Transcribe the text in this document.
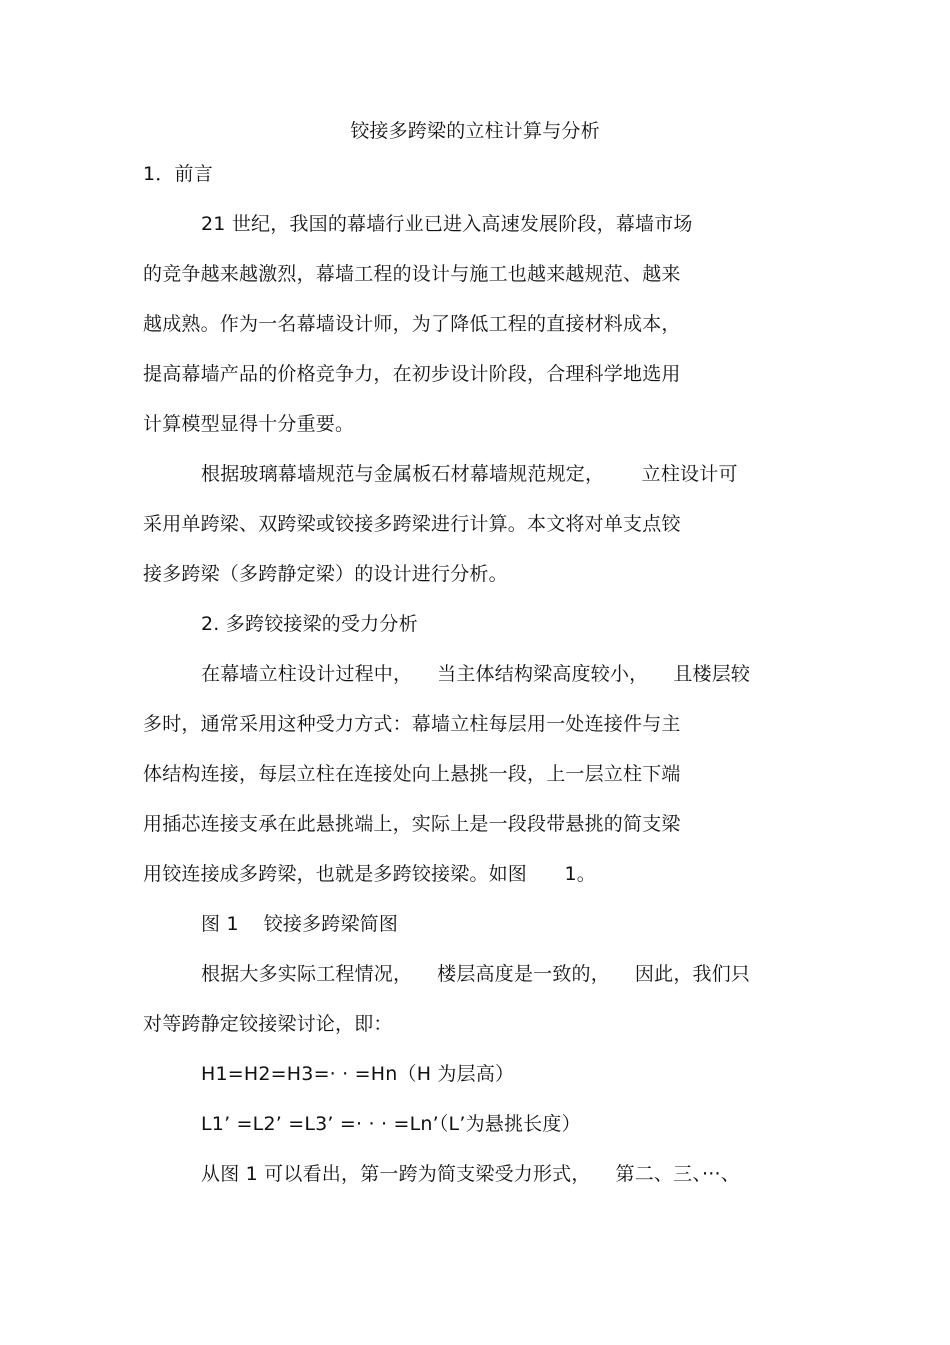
铰接多跨梁的立柱计算与分析
1．前言
21 世纪，我国的幕墙行业已进入高速发展阶段，幕墙市场
的竞争越来越激烈，幕墙工程的设计与施工也越来越规范、越来
越成熟。作为一名幕墙设计师，为了降低工程的直接材料成本，
提高幕墙产品的价格竞争力，在初步设计阶段，合理科学地选用
计算模型显得十分重要。
根据玻璃幕墙规范与金属板石材幕墙规范规定，      立柱设计可
采用单跨梁、双跨梁或铰接多跨梁进行计算。本文将对单支点铰
接多跨梁（多跨静定梁）的设计进行分析。
2. 多跨铰接梁的受力分析
在幕墙立柱设计过程中，    当主体结构梁高度较小，    且楼层较
多时，通常采用这种受力方式：幕墙立柱每层用一处连接件与主
体结构连接，每层立柱在连接处向上悬挑一段，上一层立柱下端
用插芯连接支承在此悬挑端上，实际上是一段段带悬挑的简支梁
用铰连接成多跨梁，也就是多跨铰接梁。如图      1。
图 1    铰接多跨梁简图
根据大多实际工程情况，    楼层高度是一致的，    因此，我们只
对等跨静定铰接梁讨论，即：
H1=H2=H3=· · =Hn（H 为层高）
L1’ =L2’ =L3’ =· · · =Ln’（L’为悬挑长度）
从图 1 可以看出，第一跨为简支梁受力形式，    第二、三、···、
